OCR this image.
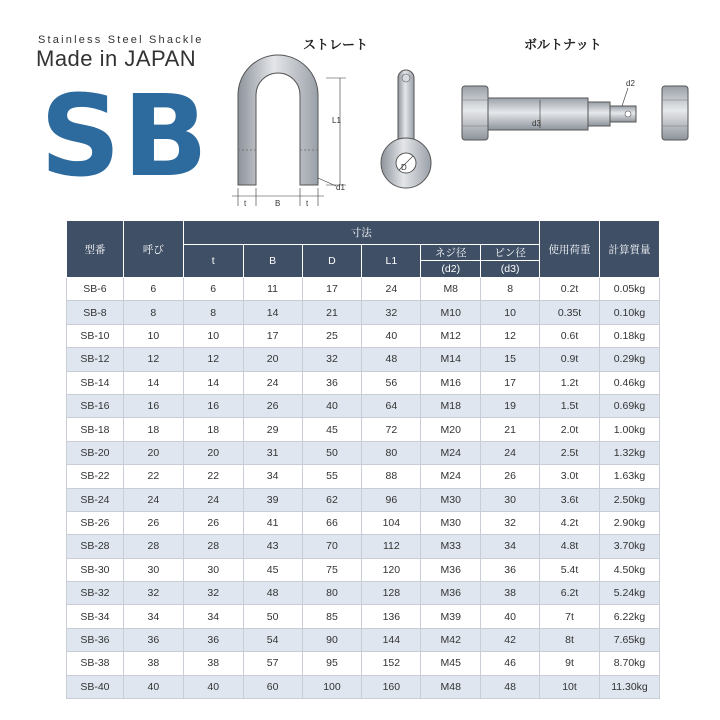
Stainless Steel Shackle
Made in JAPAN
SB
ストレート	ボルトナット
L1
d1
t	B	t
D
d3
d2
型番	呼び	寸法						使用荷重	計算質量
		t	B	D	L1	ネジ径	ピン径		
						(d2)	(d3)		
SB-6	6	6	11	17	24	M8	8	0.2t	0.05kg
SB-8	8	8	14	21	32	M10	10	0.35t	0.10kg
SB-10	10	10	17	25	40	M12	12	0.6t	0.18kg
SB-12	12	12	20	32	48	M14	15	0.9t	0.29kg
SB-14	14	14	24	36	56	M16	17	1.2t	0.46kg
SB-16	16	16	26	40	64	M18	19	1.5t	0.69kg
SB-18	18	18	29	45	72	M20	21	2.0t	1.00kg
SB-20	20	20	31	50	80	M24	24	2.5t	1.32kg
SB-22	22	22	34	55	88	M24	26	3.0t	1.63kg
SB-24	24	24	39	62	96	M30	30	3.6t	2.50kg
SB-26	26	26	41	66	104	M30	32	4.2t	2.90kg
SB-28	28	28	43	70	112	M33	34	4.8t	3.70kg
SB-30	30	30	45	75	120	M36	36	5.4t	4.50kg
SB-32	32	32	48	80	128	M36	38	6.2t	5.24kg
SB-34	34	34	50	85	136	M39	40	7t	6.22kg
SB-36	36	36	54	90	144	M42	42	8t	7.65kg
SB-38	38	38	57	95	152	M45	46	9t	8.70kg
SB-40	40	40	60	100	160	M48	48	10t	11.30kg
